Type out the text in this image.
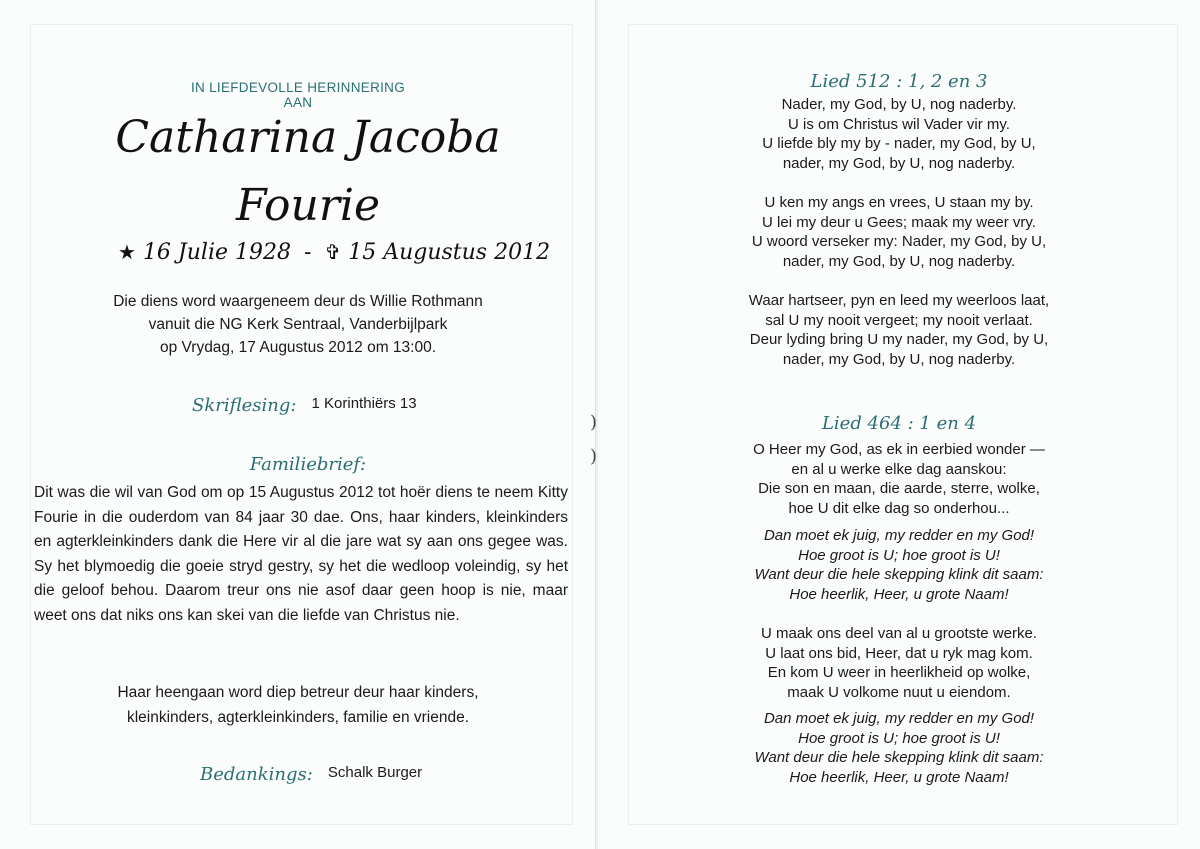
IN LIEFDEVOLLE HERINNERING
AAN
Catharina Jacoba
Fourie
★ 16 Julie 1928 - ✞ 15 Augustus 2012
Die diens word waargeneem deur ds Willie Rothmann
vanuit die NG Kerk Sentraal, Vanderbijlpark
op Vrydag, 17 Augustus 2012 om 13:00.
Skriflesing: 1 Korinthiërs 13
Familiebrief:
Dit was die wil van God om op 15 Augustus 2012 tot hoër diens te neem Kitty Fourie in die ouderdom van 84 jaar 30 dae. Ons, haar kinders, kleinkinders en agterkleinkinders dank die Here vir al die jare wat sy aan ons gegee was. Sy het blymoedig die goeie stryd gestry, sy het die wedloop voleindig, sy het die geloof behou. Daarom treur ons nie asof daar geen hoop is nie, maar weet ons dat niks ons kan skei van die liefde van Christus nie.
Haar heengaan word diep betreur deur haar kinders,
kleinkinders, agterkleinkinders, familie en vriende.
Bedankings: Schalk Burger
)
)
Lied 512 : 1, 2 en 3
Nader, my God, by U, nog naderby.
U is om Christus wil Vader vir my.
U liefde bly my by - nader, my God, by U,
nader, my God, by U, nog naderby.
U ken my angs en vrees, U staan my by.
U lei my deur u Gees; maak my weer vry.
U woord verseker my: Nader, my God, by U,
nader, my God, by U, nog naderby.
Waar hartseer, pyn en leed my weerloos laat,
sal U my nooit vergeet; my nooit verlaat.
Deur lyding bring U my nader, my God, by U,
nader, my God, by U, nog naderby.
Lied 464 : 1 en 4
O Heer my God, as ek in eerbied wonder —
en al u werke elke dag aanskou:
Die son en maan, die aarde, sterre, wolke,
hoe U dit elke dag so onderhou...
Dan moet ek juig, my redder en my God!
Hoe groot is U; hoe groot is U!
Want deur die hele skepping klink dit saam:
Hoe heerlik, Heer, u grote Naam!
U maak ons deel van al u grootste werke.
U laat ons bid, Heer, dat u ryk mag kom.
En kom U weer in heerlikheid op wolke,
maak U volkome nuut u eiendom.
Dan moet ek juig, my redder en my God!
Hoe groot is U; hoe groot is U!
Want deur die hele skepping klink dit saam:
Hoe heerlik, Heer, u grote Naam!
